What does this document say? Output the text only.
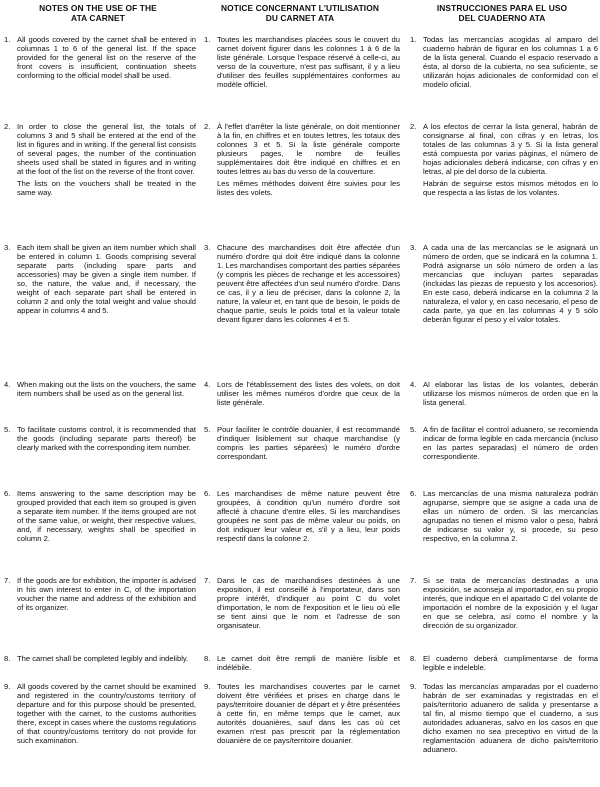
NOTES ON THE USE OF THE
ATA CARNET
NOTICE CONCERNANT L'UTILISATION
DU CARNET ATA
INSTRUCCIONES PARA EL USO
DEL CUADERNO ATA
1. All goods covered by the carnet shall be entered in columnas 1 to 6 of the general list. If the space provided for the general list on the reserve of the front covers is insufficient, continuation sheets conforming to the official model shall be used.
2. In order to close the general list, the totals of columns 3 and 5 shall be entered at the end of the list in figures and in writing. If the general list consists of several pages, the number of the continuation sheets used shall be stated in figures and in writing at the foot of the list on the reverse of the front cover.
The lists on the vouchers shall be treated in the same way.
3. Each item shall be given an item number which shall be entered in column 1. Goods comprising several separate parts (including spare parts and accessories) may be given a single item number. If so, the nature, the value and, if necessary, the weight of each separate part shall be entered in column 2 and only the total weight and value should appear in columns 4 and 5.
4. When making out the lists on the vouchers, the same item numbers shall be used as on the general list.
5. To facilitate customs control, it is recommended that the goods (including separate parts thereof) be clearly marked with the corresponding item number.
6. Items answering to the same description may be grouped provided that each item so grouped is given a separate item number. If the items grouped are not of the same value, or weight, their respective values, and, if necessary, weights shall be specified in column 2.
7. If the goods are for exhibition, the importer is advised in his own interest to enter in C, of the importation voucher the name and address of the exhibition and of its organizer.
8. The carnet shall be completed legibly and indelibly.
9. All goods covered by the carnet should be examined and registered in the country/customs territory of departure and for this purpose should be presented, together with the carnet, to the customs authorities there, except in cases where the customs regulations of that country/customs territory do not provide for such examination.
1. Toutes les marchandises placées sous le couvert du carnet doivent figurer dans les colonnes 1 à 6 de la liste générale. Lorsque l'espace réservé à celle-ci, au verso de la couverture, n'est pas suffisant, il y a lieu d'utiliser des feuilles supplémentaires conformes au modèle officiel.
2. À l'effet d'arrêter la liste générale, on doit mentionner à la fin, en chiffres et en toutes lettres, les totaux des colonnes 3 et 5. Si la liste générale comporte plusieurs pages, le nombre de feuilles supplémentaires doit être indiqué en chiffres et en toutes lettres au bas du verso de la couverture.
Les mêmes méthodes doivent être suivies pour les listes des volets.
3. Chacune des marchandises doit être affectée d'un numéro d'ordre qui doit être indiqué dans la colonne 1. Les marchandises comportant des parties séparées (y compris les pièces de rechange et les accessoires) peuvent être affectées d'un seul numéro d'ordre. Dans ce cas, il y a lieu de préciser, dans la colonne 2, la nature, la valeur et, en tant que de besoin, le poids de chaque partie, seuls le poids total et la valeur totale devant figurer dans les colonnes 4 et 5.
4. Lors de l'établissement des listes des volets, on doit utiliser les mêmes numéros d'ordre que ceux de la liste générale.
5. Pour faciliter le contrôle douanier, il est recommandé d'indiquer lisiblement sur chaque marchandise (y compris les parties séparées) le numéro d'ordre correspondant.
6. Les marchandises de même nature peuvent être groupées, à condition qu'un numéro d'ordre soit affecté à chacune d'entre elles. Si les marchandises groupées ne sont pas de même valeur ou poids, on doit indiquer leur valeur et, s'il y a lieu, leur poids respectif dans la colonne 2.
7. Dans le cas de marchandises destinées à une exposition, il est conseillé à l'importateur, dans son propre intérêt, d'indiquer au point C du volet d'importation, le nom de l'exposition et le lieu où elle se tient ainsi que le nom et l'adresse de son organisateur.
8. Le carnet doit être rempli de manière lisible et indélébile.
9. Toutes les marchandises couvertes par le carnet doivent être vérifiées et prises en charge dans le pays/territoire douanier de départ et y être présentées à cette fin, en même temps que le carnet, aux autorités douanières, sauf dans les cas où cet examen n'est pas prescrit par la réglementation douanière de ce pays/territoire douanier.
1. Todas las mercancías acogidas al amparo del cuaderno habrán de figurar en los columnas 1 a 6 de la lista general. Cuando el espacio reservado a ésta, al dorso de la cubierta, no sea suficiente, se utilizarán hojas adicionales de conformidad con el modelo oficial.
2. A los efectos de cerrar la lista general, habrán de consignarse al final, con cifras y en letras, los totales de las columnas 3 y 5. Si la lista general está compuesta por varias páginas, el número de hojas adicionales deberá indicarse, con cifras y en letras, al pie del dorso de la cubierta.
Habrán de seguirse estos mismos métodos en lo que respecta a las listas de los volantes.
3. A cada una de las mercancías se le asignará un número de orden, que se indicará en la columna 1. Podrá asignarse un sólo número de orden a las mercancías que incluyan partes separadas (incluidas las piezas de repuesto y los accesorios). En este caso, deberá indicarse en la columna 2 la naturaleza, el valor y, en caso necesario, el peso de cada parte, ya que en las columnas 4 y 5 sólo deberán figurar el peso y el valor totales.
4. Al elaborar las listas de los volantes, deberán utilizarse los mismos números de orden que en la lista general.
5. A fin de facilitar el control aduanero, se recomienda indicar de forma legible en cada mercancía (incluso en las partes separadas) el número de orden correspondiente.
6. Las mercancías de una misma naturaleza podrán agruparse, siempre que se asigne a cada una de ellas un número de orden. Si las mercancías agrupadas no tienen el mismo valor o peso, habrá de indicarse su valor y, si procede, su peso respectivo, en la columna 2.
7. Si se trata de mercancías destinadas a una exposición, se aconseja al importador, en su propio interés, que indique en el apartado C del volante de importación el nombre de la exposición y el lugar en que se celebra, así como el nombre y la dirección de su organizador.
8. El cuaderno deberá cumplimentarse de forma legible e indeleble.
9. Todas las mercancías amparadas por el cuaderno habrán de ser examinadas y registradas en el país/territorio aduanero de salida y presentarse a tal fin, al mismo tiempo que el cuaderno, a sus autoridades aduaneras, salvo en los casos en que dicho examen no sea preceptivo en virtud de la reglamentación aduanera de dicho país/territorio aduanero.
